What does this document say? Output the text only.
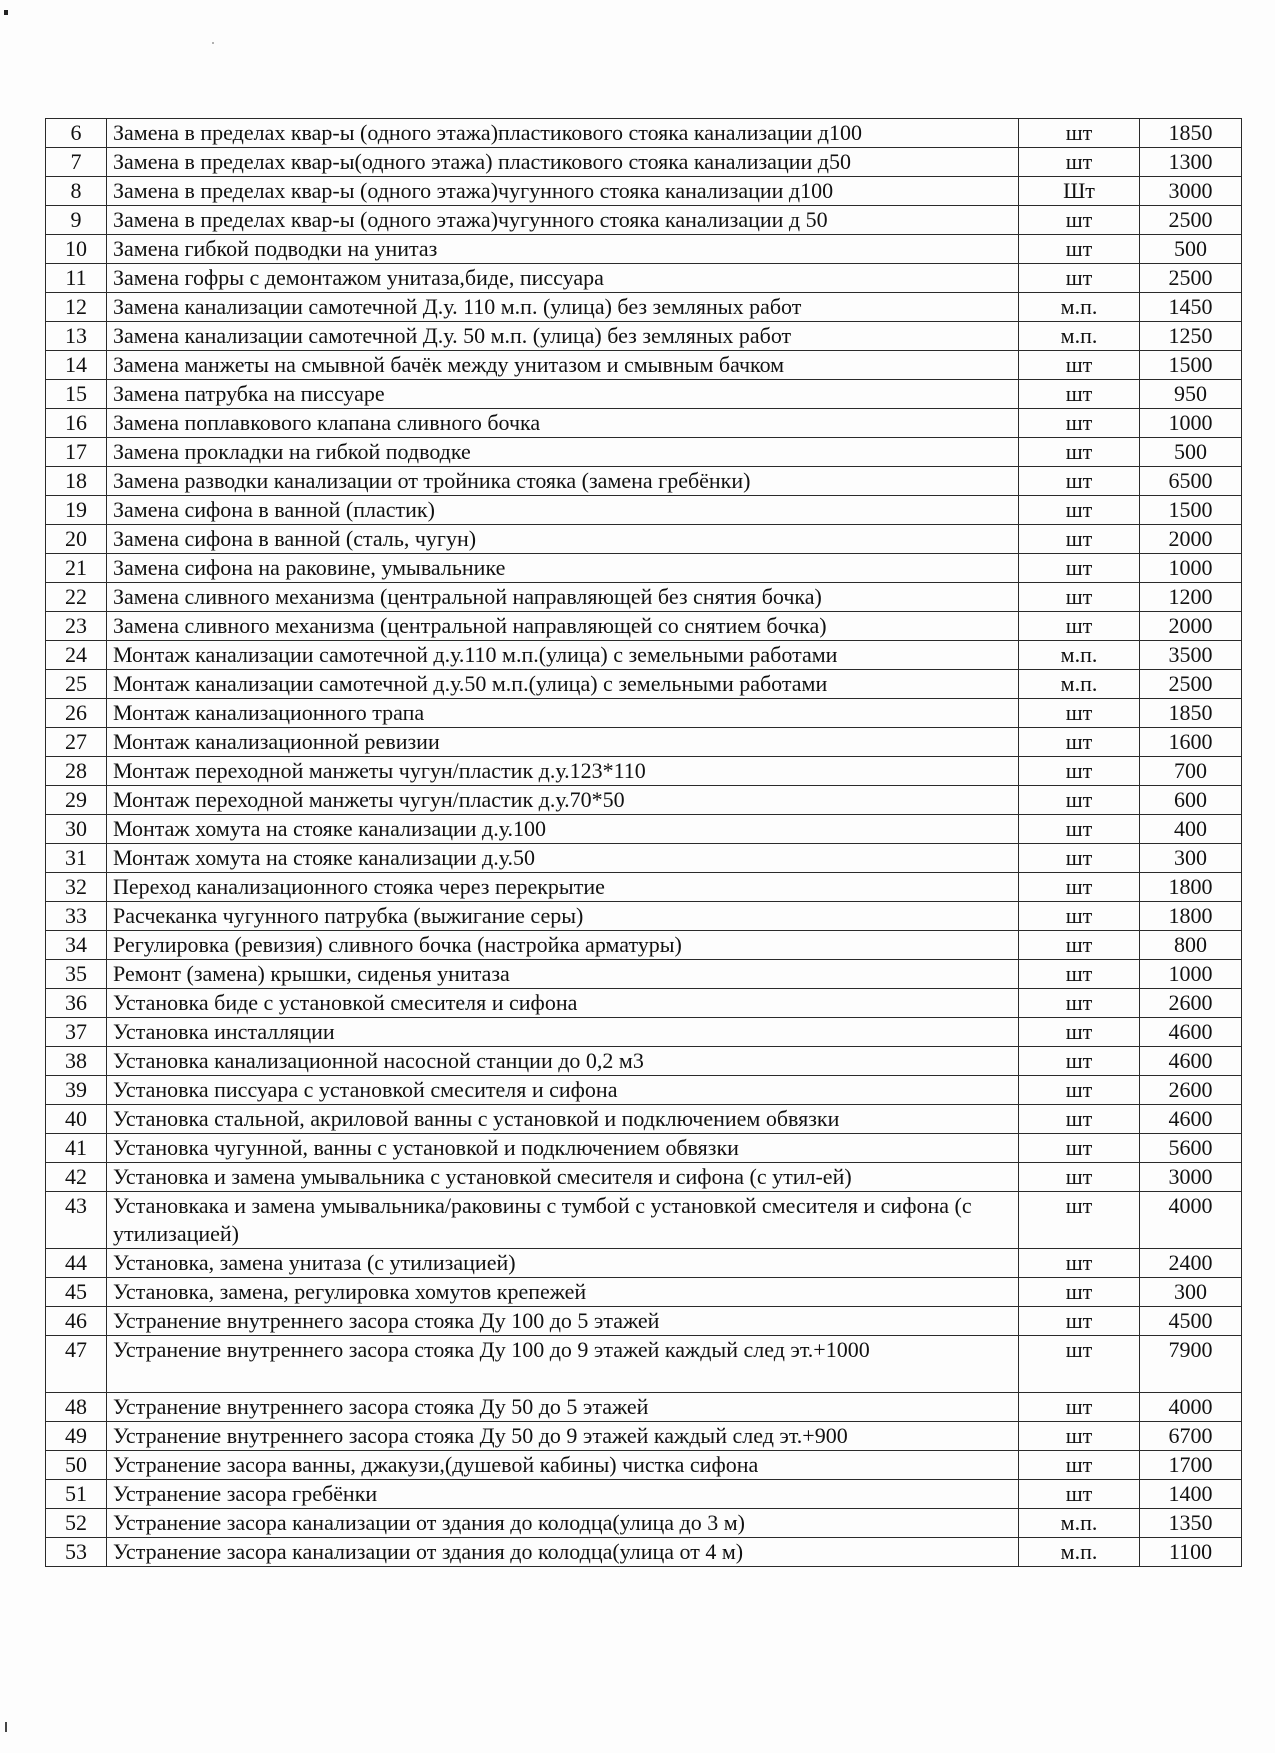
6	Замена в пределах квар-ы (одного этажа)пластикового стояка канализации д100	шт	1850
7	Замена в пределах квар-ы(одного этажа) пластикового стояка канализации д50	шт	1300
8	Замена в пределах квар-ы (одного этажа)чугунного стояка канализации д100	Шт	3000
9	Замена в пределах квар-ы (одного этажа)чугунного стояка канализации д 50	шт	2500
10	Замена гибкой подводки на унитаз	шт	500
11	Замена гофры с демонтажом унитаза,биде, писсуара	шт	2500
12	Замена канализации самотечной Д.у. 110 м.п. (улица) без земляных работ	м.п.	1450
13	Замена канализации самотечной Д.у. 50 м.п. (улица) без земляных работ	м.п.	1250
14	Замена манжеты на смывной бачёк между унитазом и смывным бачком	шт	1500
15	Замена патрубка на писсуаре	шт	950
16	Замена поплавкового клапана сливного бочка	шт	1000
17	Замена прокладки на гибкой подводке	шт	500
18	Замена разводки канализации от тройника стояка (замена гребёнки)	шт	6500
19	Замена сифона в ванной (пластик)	шт	1500
20	Замена сифона в ванной (сталь, чугун)	шт	2000
21	Замена сифона на раковине, умывальнике	шт	1000
22	Замена сливного механизма (центральной направляющей без снятия бочка)	шт	1200
23	Замена сливного механизма (центральной направляющей со снятием бочка)	шт	2000
24	Монтаж канализации самотечной д.у.110 м.п.(улица) с земельными работами	м.п.	3500
25	Монтаж канализации самотечной д.у.50 м.п.(улица) с земельными работами	м.п.	2500
26	Монтаж канализационного трапа	шт	1850
27	Монтаж канализационной ревизии	шт	1600
28	Монтаж переходной манжеты чугун/пластик д.у.123*110	шт	700
29	Монтаж переходной манжеты чугун/пластик д.у.70*50	шт	600
30	Монтаж хомута на стояке канализации д.у.100	шт	400
31	Монтаж хомута на стояке канализации д.у.50	шт	300
32	Переход канализационного стояка через перекрытие	шт	1800
33	Расчеканка чугунного патрубка (выжигание серы)	шт	1800
34	Регулировка (ревизия) сливного бочка (настройка арматуры)	шт	800
35	Ремонт (замена) крышки, сиденья унитаза	шт	1000
36	Установка биде с установкой смесителя и сифона	шт	2600
37	Установка инсталляции	шт	4600
38	Установка канализационной насосной станции до 0,2 м3	шт	4600
39	Установка писсуара с установкой смесителя и сифона	шт	2600
40	Установка стальной, акриловой ванны с установкой и подключением обвязки	шт	4600
41	Установка чугунной, ванны с установкой и подключением обвязки	шт	5600
42	Установка и замена умывальника с установкой смесителя и сифона (с утил-ей)	шт	3000
43	Установкака и замена умывальника/раковины с тумбой с установкой смесителя и сифона (с утилизацией)	шт	4000
44	Установка, замена унитаза (с утилизацией)	шт	2400
45	Установка, замена, регулировка хомутов крепежей	шт	300
46	Устранение внутреннего засора стояка Ду 100 до 5 этажей	шт	4500
47	Устранение внутреннего засора стояка Ду 100 до 9 этажей каждый след эт.+1000	шт	7900
48	Устранение внутреннего засора стояка Ду 50 до 5 этажей	шт	4000
49	Устранение внутреннего засора стояка Ду 50 до 9 этажей каждый след эт.+900	шт	6700
50	Устранение засора ванны, джакузи,(душевой кабины) чистка сифона	шт	1700
51	Устранение засора гребёнки	шт	1400
52	Устранение засора канализации от здания до колодца(улица до 3 м)	м.п.	1350
53	Устранение засора канализации от здания до колодца(улица от 4 м)	м.п.	1100
